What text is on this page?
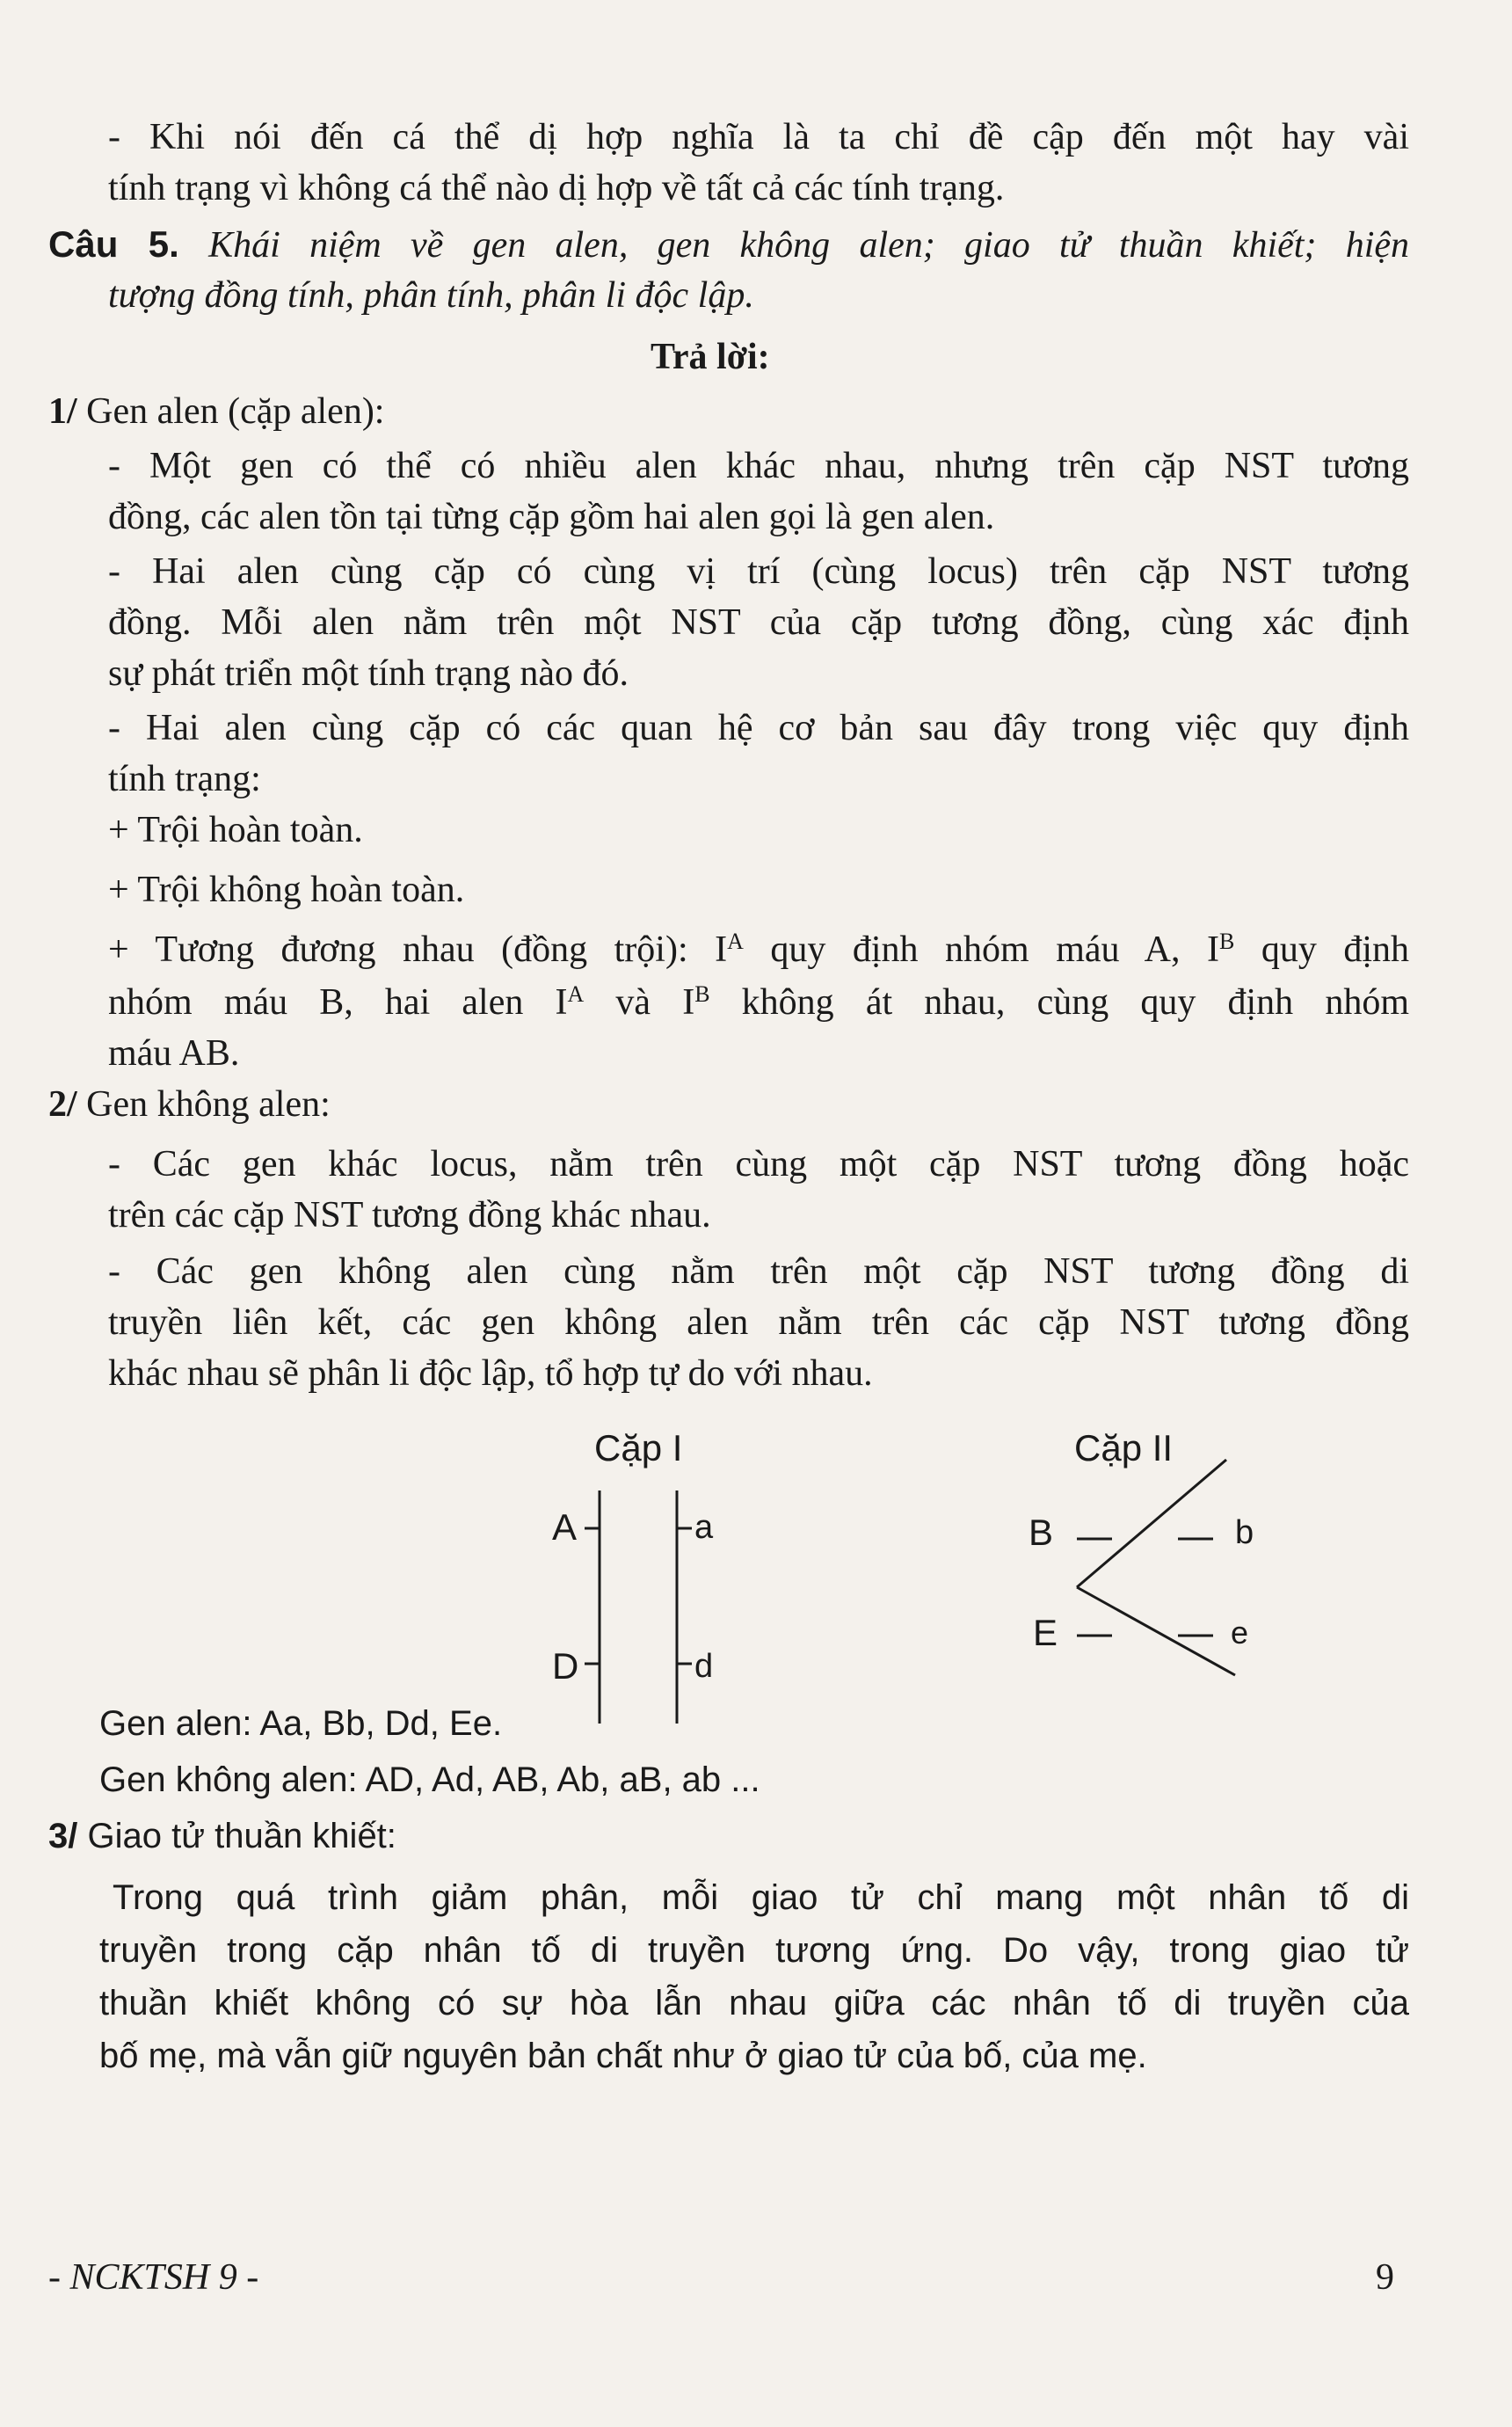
- Khi nói đến cá thể dị hợp nghĩa là ta chỉ đề cập đến một hay vài
tính trạng vì không cá thể nào dị hợp về tất cả các tính trạng.
Câu 5. Khái niệm về gen alen, gen không alen; giao tử thuần khiết; hiện
tượng đồng tính, phân tính, phân li độc lập.
Trả lời:
1/ Gen alen (cặp alen):
- Một gen có thể có nhiều alen khác nhau, nhưng trên cặp NST tương
đồng, các alen tồn tại từng cặp gồm hai alen gọi là gen alen.
- Hai alen cùng cặp có cùng vị trí (cùng locus) trên cặp NST tương
đồng. Mỗi alen nằm trên một NST của cặp tương đồng, cùng xác định
sự phát triển một tính trạng nào đó.
- Hai alen cùng cặp có các quan hệ cơ bản sau đây trong việc quy định
tính trạng:
+ Trội hoàn toàn.
+ Trội không hoàn toàn.
+ Tương đương nhau (đồng trội): $I^A$ quy định nhóm máu A, $I^B$ quy định
nhóm máu B, hai alen $I^A$ và $I^B$ không át nhau, cùng quy định nhóm
máu AB.
2/ Gen không alen:
- Các gen khác locus, nằm trên cùng một cặp NST tương đồng hoặc
trên các cặp NST tương đồng khác nhau.
- Các gen không alen cùng nằm trên một cặp NST tương đồng di
truyền liên kết, các gen không alen nằm trên các cặp NST tương đồng
khác nhau sẽ phân li độc lập, tổ hợp tự do với nhau.
Cặp I	Cặp II
A	a
D	d
B	b
E	e
Gen alen: Aa, Bb, Dd, Ee.
Gen không alen: AD, Ad, AB, Ab, aB, ab ...
3/ Giao tử thuần khiết:
Trong quá trình giảm phân, mỗi giao tử chỉ mang một nhân tố di
truyền trong cặp nhân tố di truyền tương ứng. Do vậy, trong giao tử
thuần khiết không có sự hòa lẫn nhau giữa các nhân tố di truyền của
bố mẹ, mà vẫn giữ nguyên bản chất như ở giao tử của bố, của mẹ.
- NCKTSH 9 -	9
